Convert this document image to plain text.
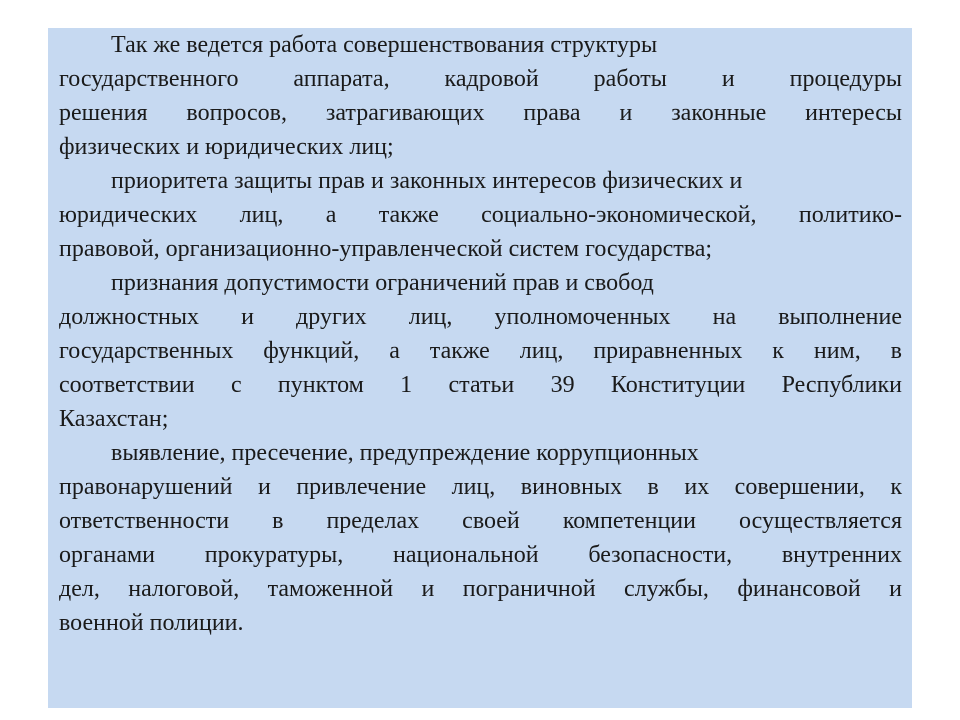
Так же ведется работа совершенствования структуры
государственного аппарата, кадровой работы и процедуры
решения вопросов, затрагивающих права и законные интересы
физических и юридических лиц;
приоритета защиты прав и законных интересов физических и
юридических лиц, а также социально-экономической, политико-
правовой, организационно-управленческой систем государства;
признания допустимости ограничений прав и свобод
должностных и других лиц, уполномоченных на выполнение
государственных функций, а также лиц, приравненных к ним, в
соответствии с пунктом 1 статьи 39 Конституции Республики
Казахстан;
выявление, пресечение, предупреждение коррупционных
правонарушений и привлечение лиц, виновных в их совершении, к
ответственности в пределах своей компетенции осуществляется
органами прокуратуры, национальной безопасности, внутренних
дел, налоговой, таможенной и пограничной службы, финансовой и
военной полиции.
